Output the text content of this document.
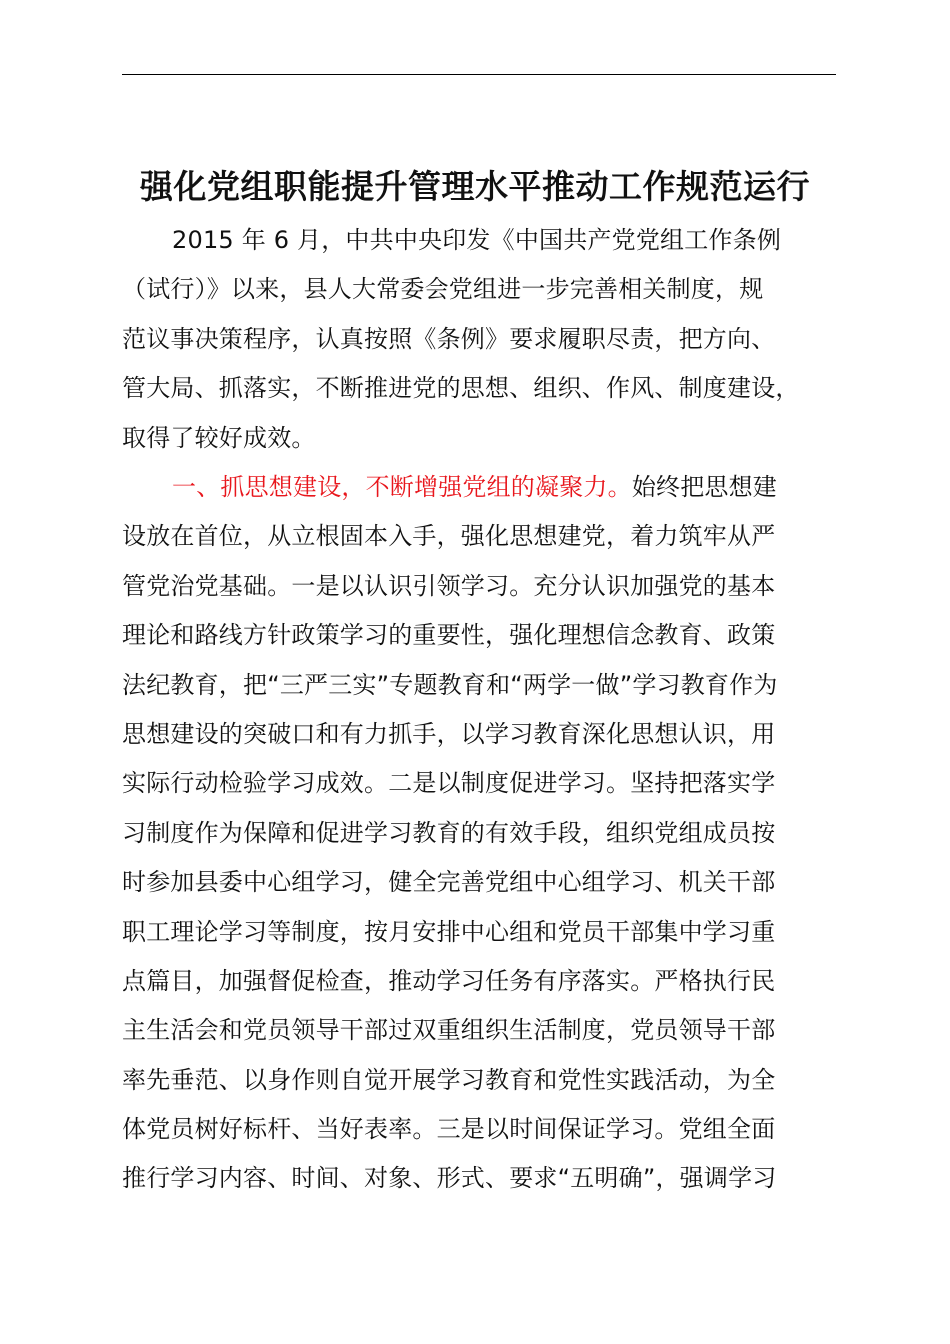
强化党组职能提升管理水平推动工作规范运行
2015 年 6 月，中共中央印发《中国共产党党组工作条例
（试行）》以来，县人大常委会党组进一步完善相关制度，规
范议事决策程序，认真按照《条例》要求履职尽责，把方向、
管大局、抓落实，不断推进党的思想、组织、作风、制度建设，
取得了较好成效。
一、抓思想建设，不断增强党组的凝聚力。始终把思想建
设放在首位，从立根固本入手，强化思想建党，着力筑牢从严
管党治党基础。一是以认识引领学习。充分认识加强党的基本
理论和路线方针政策学习的重要性，强化理想信念教育、政策
法纪教育，把“三严三实”专题教育和“两学一做”学习教育作为
思想建设的突破口和有力抓手，以学习教育深化思想认识，用
实际行动检验学习成效。二是以制度促进学习。坚持把落实学
习制度作为保障和促进学习教育的有效手段，组织党组成员按
时参加县委中心组学习，健全完善党组中心组学习、机关干部
职工理论学习等制度，按月安排中心组和党员干部集中学习重
点篇目，加强督促检查，推动学习任务有序落实。严格执行民
主生活会和党员领导干部过双重组织生活制度，党员领导干部
率先垂范、以身作则自觉开展学习教育和党性实践活动，为全
体党员树好标杆、当好表率。三是以时间保证学习。党组全面
推行学习内容、时间、对象、形式、要求“五明确”，强调学习
